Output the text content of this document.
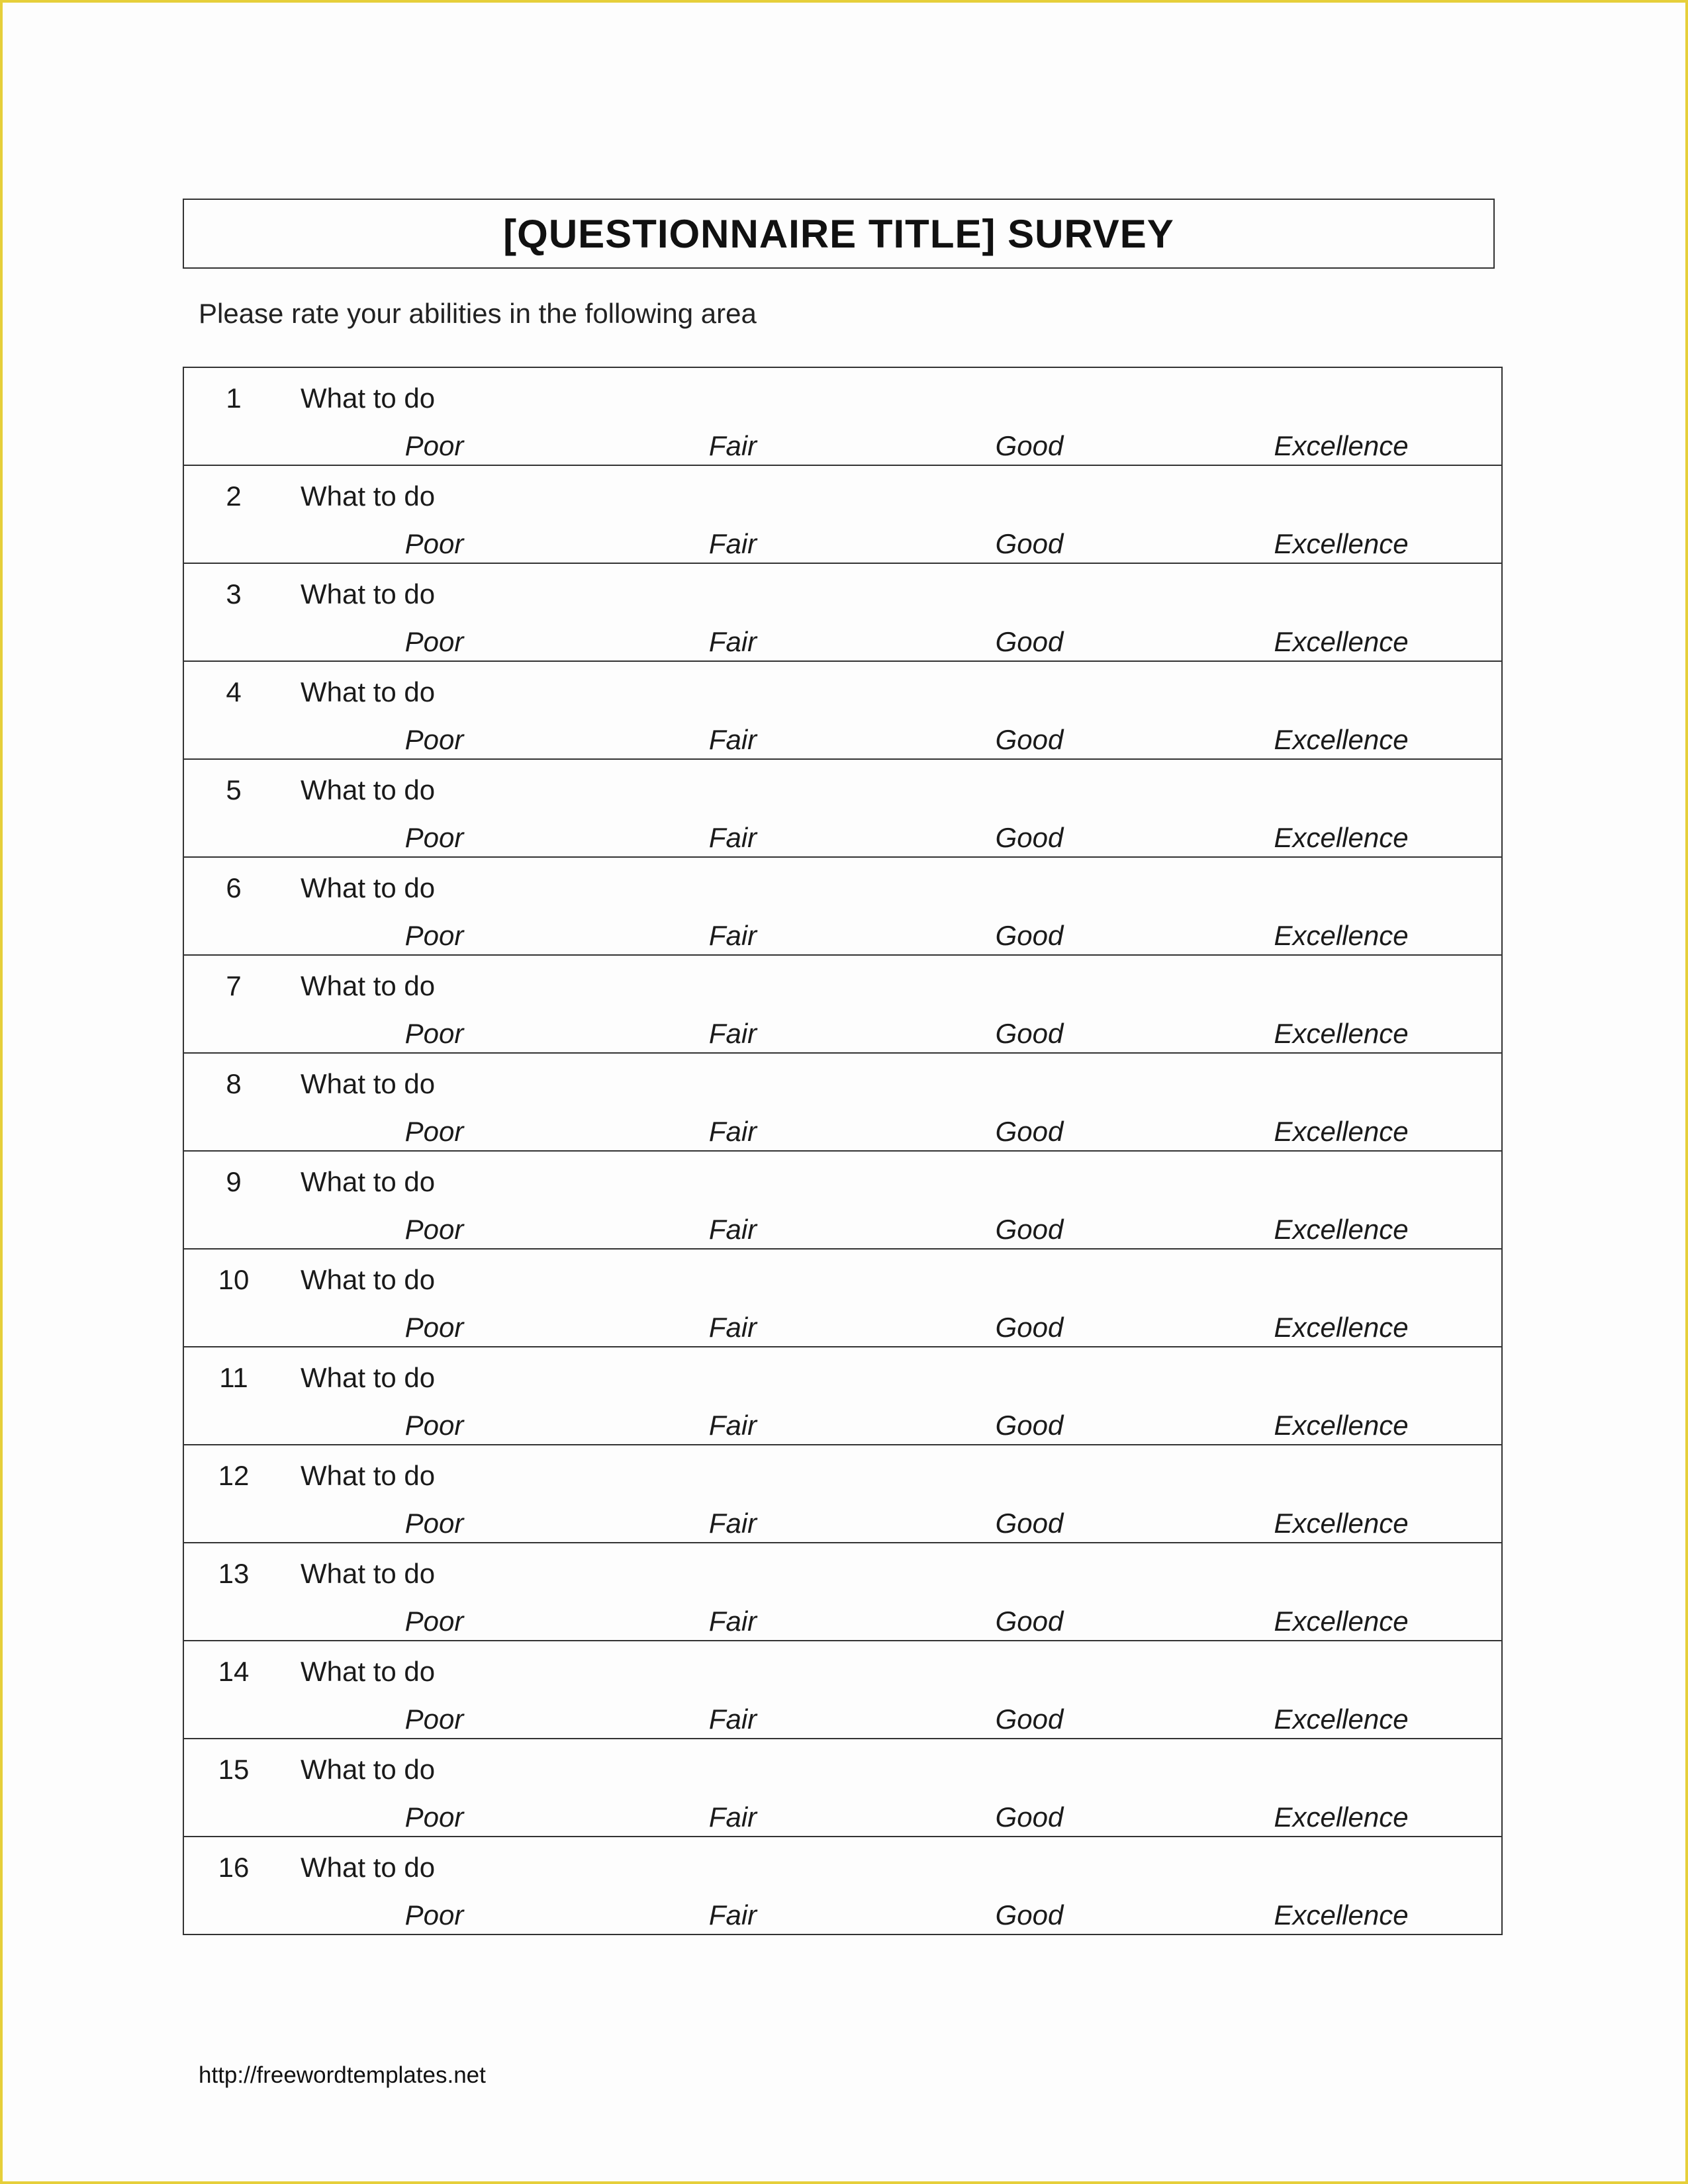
[QUESTIONNAIRE TITLE] SURVEY
Please rate your abilities in the following area
1	What to do
Poor	Fair	Good	Excellence
2	What to do
Poor	Fair	Good	Excellence
3	What to do
Poor	Fair	Good	Excellence
4	What to do
Poor	Fair	Good	Excellence
5	What to do
Poor	Fair	Good	Excellence
6	What to do
Poor	Fair	Good	Excellence
7	What to do
Poor	Fair	Good	Excellence
8	What to do
Poor	Fair	Good	Excellence
9	What to do
Poor	Fair	Good	Excellence
10	What to do
Poor	Fair	Good	Excellence
11	What to do
Poor	Fair	Good	Excellence
12	What to do
Poor	Fair	Good	Excellence
13	What to do
Poor	Fair	Good	Excellence
14	What to do
Poor	Fair	Good	Excellence
15	What to do
Poor	Fair	Good	Excellence
16	What to do
Poor	Fair	Good	Excellence
http://freewordtemplates.net
